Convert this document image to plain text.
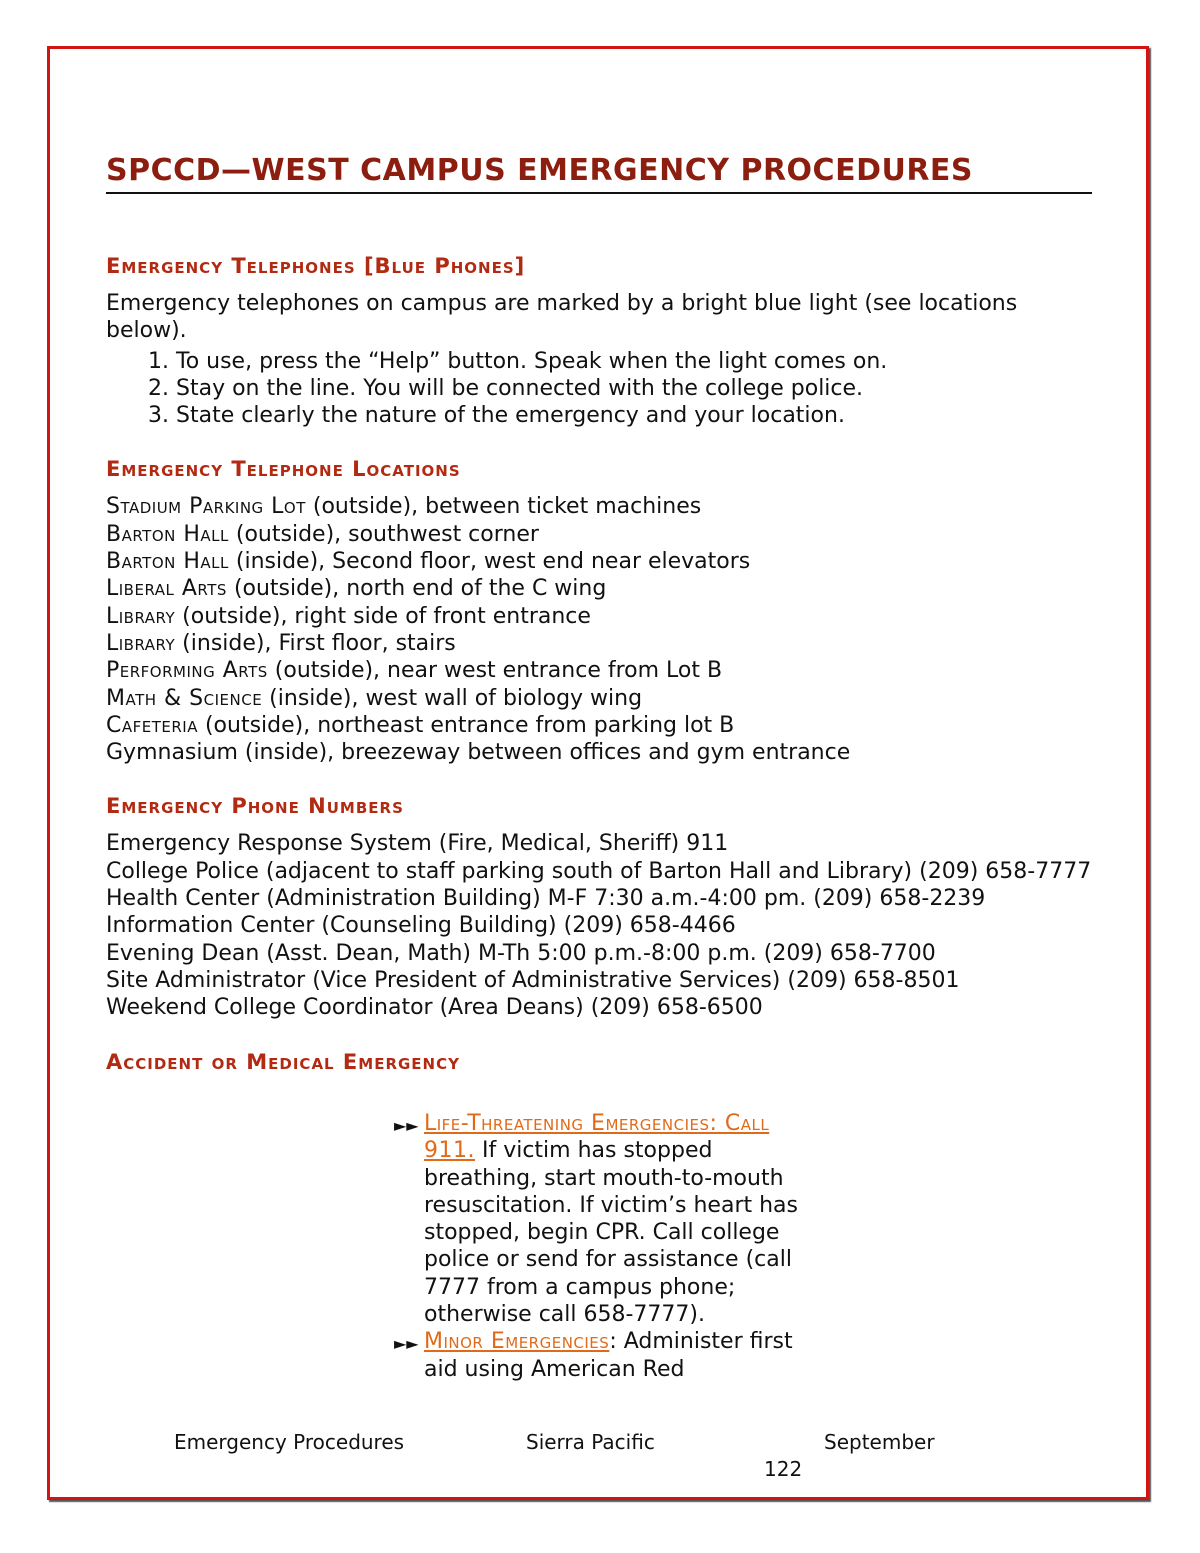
SPCCD—WEST CAMPUS EMERGENCY PROCEDURES
Emergency Telephones [Blue Phones]

Emergency telephones on campus are marked by a bright blue light (see locations below).

1. To use, press the “Help” button. Speak when the light comes on.
2. Stay on the line. You will be connected with the college police.
3. State clearly the nature of the emergency and your location.
Emergency Telephone Locations
Stadium Parking Lot (outside), between ticket machines
Barton Hall (outside), southwest corner
Barton Hall (inside), Second floor, west end near elevators
Liberal Arts (outside), north end of the C wing
Library (outside), right side of front entrance
Library (inside), First floor, stairs
Performing Arts (outside), near west entrance from Lot B
Math & Science (inside), west wall of biology wing
Cafeteria (outside), northeast entrance from parking lot B
Gymnasium (inside), breezeway between offices and gym entrance
Emergency Phone Numbers
Emergency Response System (Fire, Medical, Sheriff) 911
College Police (adjacent to staff parking south of Barton Hall and Library) (209) 658-7777
Health Center (Administration Building) M-F 7:30 a.m.-4:00 pm. (209) 658-2239
Information Center (Counseling Building) (209) 658-4466
Evening Dean (Asst. Dean, Math) M-Th 5:00 p.m.-8:00 p.m. (209) 658-7700
Site Administrator (Vice President of Administrative Services) (209) 658-8501
Weekend College Coordinator (Area Deans) (209) 658-6500
Accident or Medical Emergency
►► Life-Threatening Emergencies: Call 911. If victim has stopped breathing, start mouth-to-mouth resuscitation. If victim’s heart has stopped, begin CPR. Call college police or send for assistance (call 7777 from a campus phone; otherwise call 658-7777).
►► Minor Emergencies: Administer first aid using American Red
Emergency Procedures	Sierra Pacific	September
122
